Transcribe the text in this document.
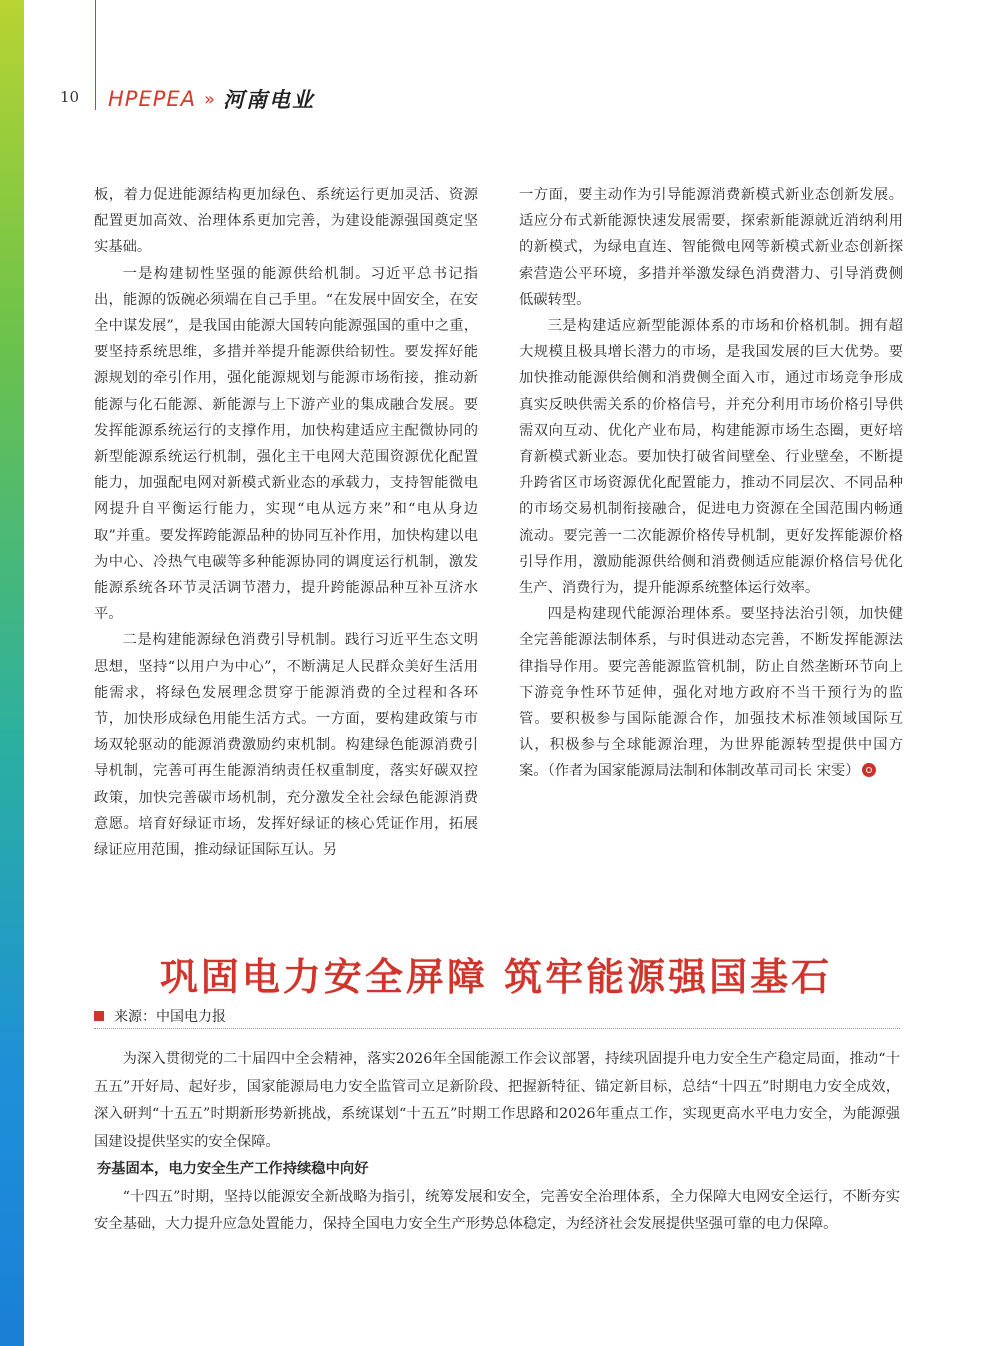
10 HPEPEA » 河南电业

板，着力促进能源结构更加绿色、系统运行更加灵活、资源配置更加高效、治理体系更加完善，为建设能源强国奠定坚实基础。

一是构建韧性坚强的能源供给机制。习近平总书记指出，能源的饭碗必须端在自己手里。“在发展中固安全，在安全中谋发展”，是我国由能源大国转向能源强国的重中之重，要坚持系统思维，多措并举提升能源供给韧性。要发挥好能源规划的牵引作用，强化能源规划与能源市场衔接，推动新能源与化石能源、新能源与上下游产业的集成融合发展。要发挥能源系统运行的支撑作用，加快构建适应主配微协同的新型能源系统运行机制，强化主干电网大范围资源优化配置能力，加强配电网对新模式新业态的承载力，支持智能微电网提升自平衡运行能力，实现“电从远方来”和“电从身边取”并重。要发挥跨能源品种的协同互补作用，加快构建以电为中心、冷热气电碳等多种能源协同的调度运行机制，激发能源系统各环节灵活调节潜力，提升跨能源品种互补互济水平。

二是构建能源绿色消费引导机制。践行习近平生态文明思想，坚持“以用户为中心”，不断满足人民群众美好生活用能需求，将绿色发展理念贯穿于能源消费的全过程和各环节，加快形成绿色用能生活方式。一方面，要构建政策与市场双轮驱动的能源消费激励约束机制。构建绿色能源消费引导机制，完善可再生能源消纳责任权重制度，落实好碳双控政策，加快完善碳市场机制，充分激发全社会绿色能源消费意愿。培育好绿证市场，发挥好绿证的核心凭证作用，拓展绿证应用范围，推动绿证国际互认。另

一方面，要主动作为引导能源消费新模式新业态创新发展。适应分布式新能源快速发展需要，探索新能源就近消纳利用的新模式，为绿电直连、智能微电网等新模式新业态创新探索营造公平环境，多措并举激发绿色消费潜力、引导消费侧低碳转型。

三是构建适应新型能源体系的市场和价格机制。拥有超大规模且极具增长潜力的市场，是我国发展的巨大优势。要加快推动能源供给侧和消费侧全面入市，通过市场竞争形成真实反映供需关系的价格信号，并充分利用市场价格引导供需双向互动、优化产业布局，构建能源市场生态圈，更好培育新模式新业态。要加快打破省间壁垒、行业壁垒，不断提升跨省区市场资源优化配置能力，推动不同层次、不同品种的市场交易机制衔接融合，促进电力资源在全国范围内畅通流动。要完善一二次能源价格传导机制，更好发挥能源价格引导作用，激励能源供给侧和消费侧适应能源价格信号优化生产、消费行为，提升能源系统整体运行效率。

四是构建现代能源治理体系。要坚持法治引领，加快健全完善能源法制体系，与时俱进动态完善，不断发挥能源法律指导作用。要完善能源监管机制，防止自然垄断环节向上下游竞争性环节延伸，强化对地方政府不当干预行为的监管。要积极参与国际能源合作，加强技术标准领域国际互认，积极参与全球能源治理，为世界能源转型提供中国方案。（作者为国家能源局法制和体制改革司司长 宋雯）

巩固电力安全屏障 筑牢能源强国基石
来源：中国电力报

为深入贯彻党的二十届四中全会精神，落实2026年全国能源工作会议部署，持续巩固提升电力安全生产稳定局面，推动“十五五”开好局、起好步，国家能源局电力安全监管司立足新阶段、把握新特征、锚定新目标，总结“十四五”时期电力安全成效，深入研判“十五五”时期新形势新挑战，系统谋划“十五五”时期工作思路和2026年重点工作，实现更高水平电力安全，为能源强国建设提供坚实的安全保障。

夯基固本，电力安全生产工作持续稳中向好

“十四五”时期，坚持以能源安全新战略为指引，统筹发展和安全，完善安全治理体系，全力保障大电网安全运行，不断夯实安全基础，大力提升应急处置能力，保持全国电力安全生产形势总体稳定，为经济社会发展提供坚强可靠的电力保障。
